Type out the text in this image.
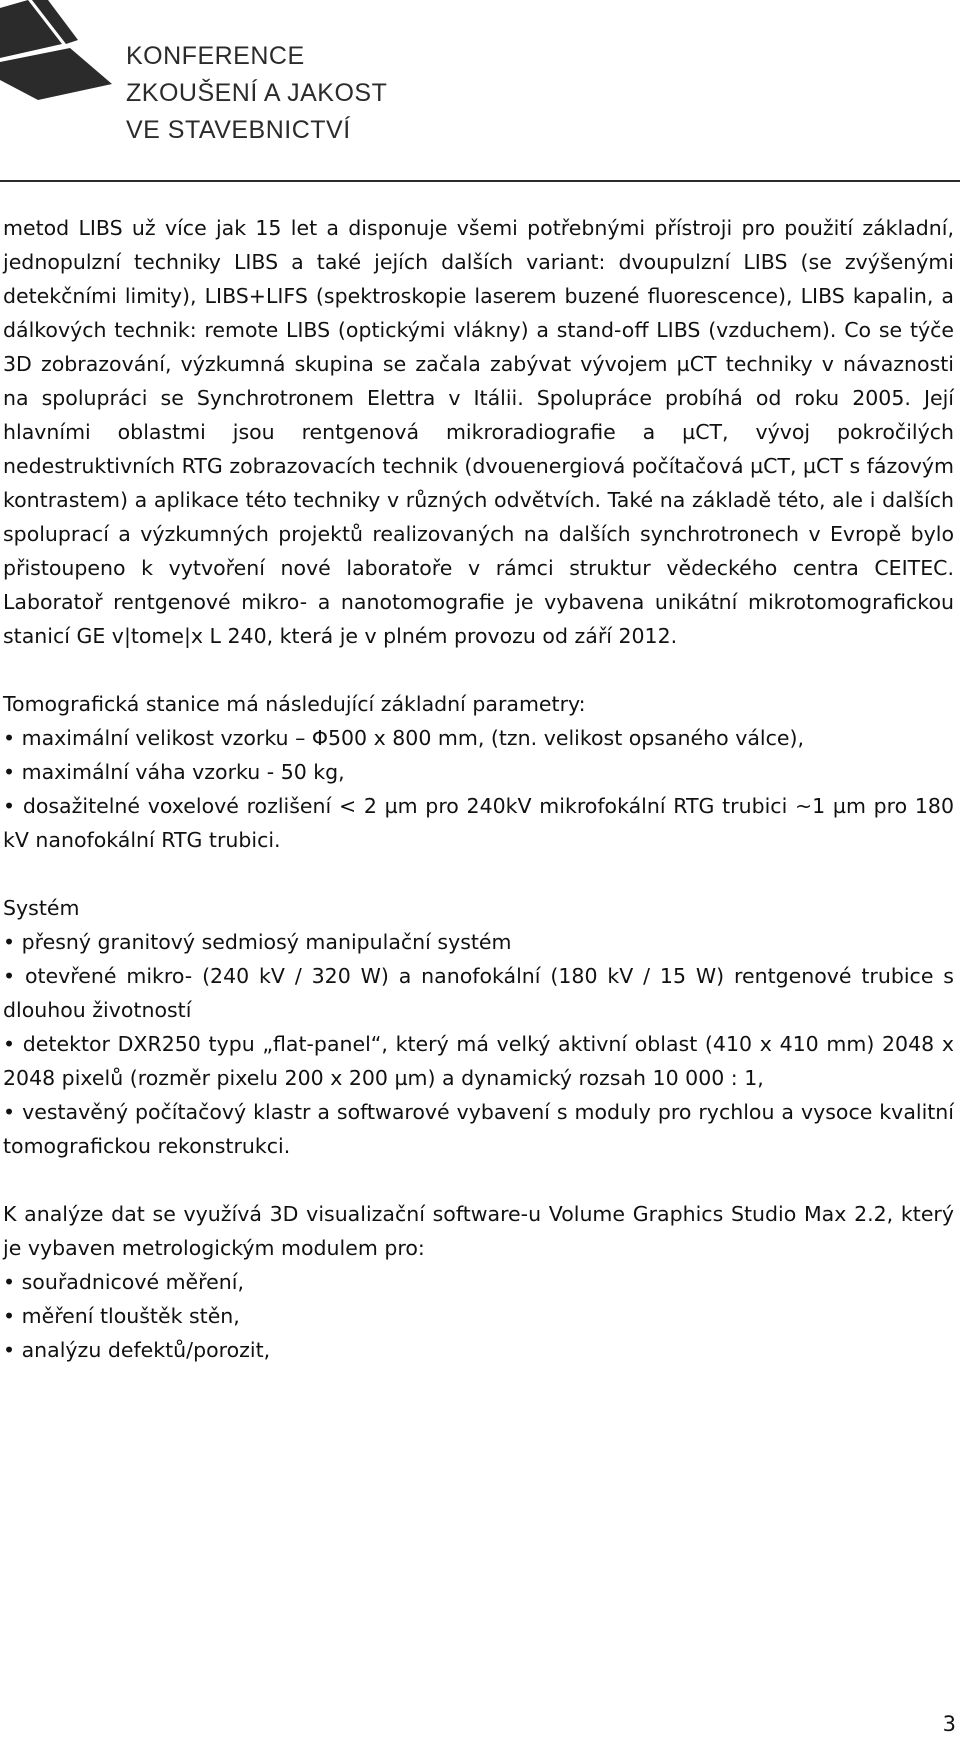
KONFERENCE
ZKOUŠENÍ A JAKOST
VE STAVEBNICTVÍ

metod LIBS už více jak 15 let a disponuje všemi potřebnými přístroji pro použití základní, jednopulzní techniky LIBS a také jejích dalších variant: dvoupulzní LIBS (se zvýšenými detekčními limity), LIBS+LIFS (spektroskopie laserem buzené fluorescence), LIBS kapalin, a dálkových technik: remote LIBS (optickými vlákny) a stand-off LIBS (vzduchem). Co se týče 3D zobrazování, výzkumná skupina se začala zabývat vývojem µCT techniky v návaznosti na spolupráci se Synchrotronem Elettra v Itálii. Spolupráce probíhá od roku 2005. Její hlavními oblastmi jsou rentgenová mikroradiografie a µCT, vývoj pokročilých nedestruktivních RTG zobrazovacích technik (dvouenergiová počítačová µCT, µCT s fázovým kontrastem) a aplikace této techniky v různých odvětvích. Také na základě této, ale i dalších spoluprací a výzkumných projektů realizovaných na dalších synchrotronech v Evropě bylo přistoupeno k vytvoření nové laboratoře v rámci struktur vědeckého centra CEITEC. Laboratoř rentgenové mikro- a nanotomografie je vybavena unikátní mikrotomografickou stanicí GE v|tome|x L 240, která je v plném provozu od září 2012.

Tomografická stanice má následující základní parametry:

• maximální velikost vzorku – Φ500 x 800 mm, (tzn. velikost opsaného válce),

• maximální váha vzorku - 50 kg,

• dosažitelné voxelové rozlišení < 2 µm pro 240kV mikrofokální RTG trubici ~1 µm pro 180 kV nanofokální RTG trubici.

Systém

• přesný granitový sedmiosý manipulační systém

• otevřené mikro- (240 kV / 320 W) a nanofokální (180 kV / 15 W) rentgenové trubice s dlouhou životností

• detektor DXR250 typu „flat-panel“, který má velký aktivní oblast (410 x 410 mm) 2048 x 2048 pixelů (rozměr pixelu 200 x 200 µm) a dynamický rozsah 10 000 : 1,

• vestavěný počítačový klastr a softwarové vybavení s moduly pro rychlou a vysoce kvalitní tomografickou rekonstrukci.

K analýze dat se využívá 3D visualizační software-u Volume Graphics Studio Max 2.2, který je vybaven metrologickým modulem pro:

• souřadnicové měření,

• měření tlouštěk stěn,

• analýzu defektů/porozit,

3
